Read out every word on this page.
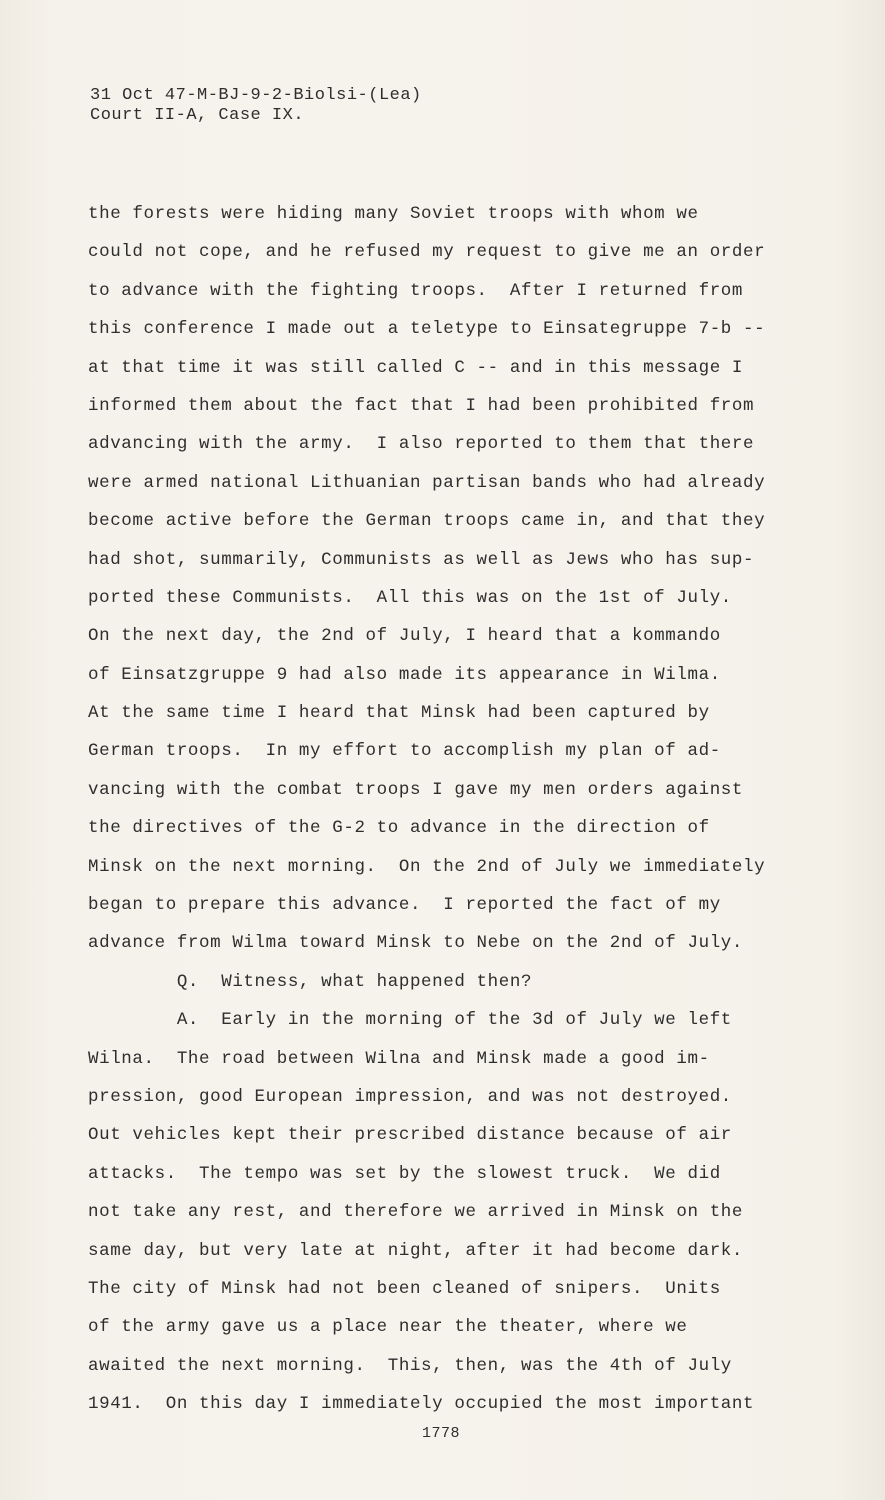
31 Oct 47-M-BJ-9-2-Biolsi-(Lea)
Court II-A, Case IX.
the forests were hiding many Soviet troops with whom we
could not cope, and he refused my request to give me an order
to advance with the fighting troops.  After I returned from
this conference I made out a teletype to Einsategruppe 7-b --
at that time it was still called C -- and in this message I
informed them about the fact that I had been prohibited from
advancing with the army.  I also reported to them that there
were armed national Lithuanian partisan bands who had already
become active before the German troops came in, and that they
had shot, summarily, Communists as well as Jews who has sup-
ported these Communists.  All this was on the 1st of July.
On the next day, the 2nd of July, I heard that a kommando
of Einsatzgruppe 9 had also made its appearance in Wilma.
At the same time I heard that Minsk had been captured by
German troops.  In my effort to accomplish my plan of ad-
vancing with the combat troops I gave my men orders against
the directives of the G-2 to advance in the direction of
Minsk on the next morning.  On the 2nd of July we immediately
began to prepare this advance.  I reported the fact of my
advance from Wilma toward Minsk to Nebe on the 2nd of July.
Q.  Witness, what happened then?
A.  Early in the morning of the 3d of July we left
Wilna.  The road between Wilna and Minsk made a good im-
pression, good European impression, and was not destroyed.
Out vehicles kept their prescribed distance because of air
attacks.  The tempo was set by the slowest truck.  We did
not take any rest, and therefore we arrived in Minsk on the
same day, but very late at night, after it had become dark.
The city of Minsk had not been cleaned of snipers.  Units
of the army gave us a place near the theater, where we
awaited the next morning.  This, then, was the 4th of July
1941.  On this day I immediately occupied the most important
1778
